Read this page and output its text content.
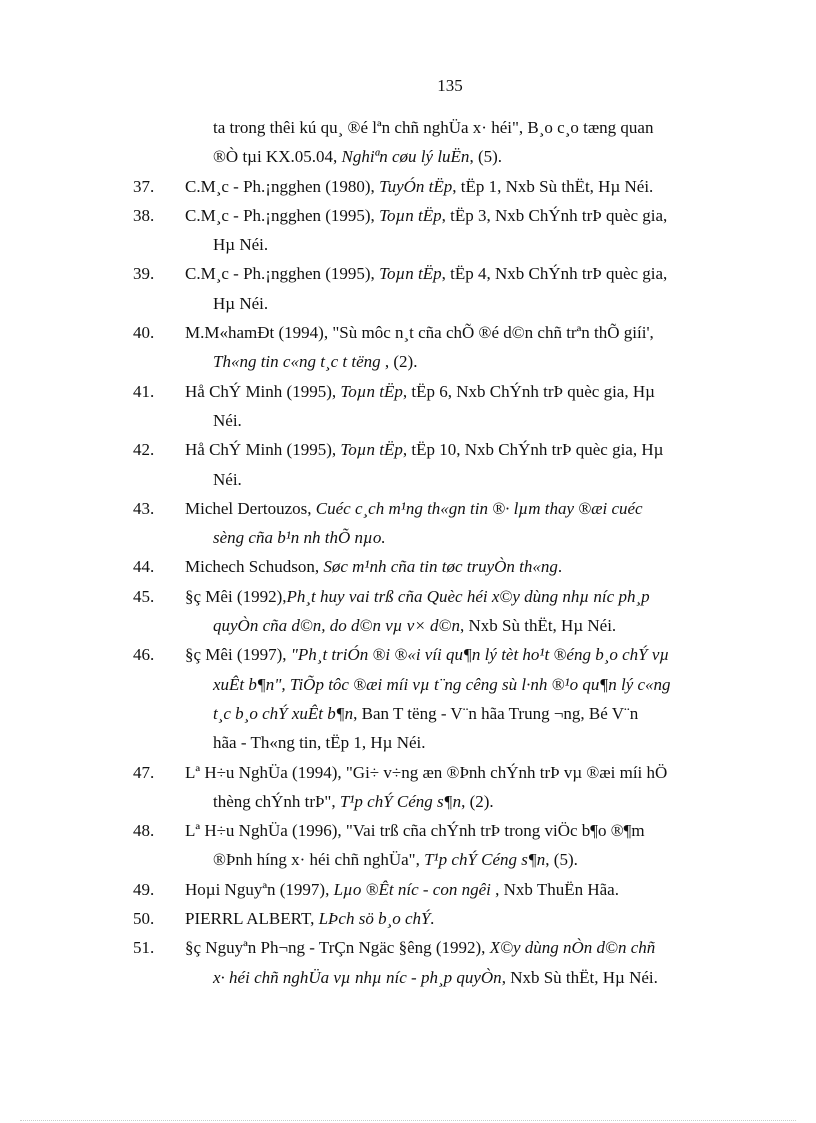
135
ta trong thêi kú qu¸ ®é lªn chñ nghÜa x· héi", B¸o c¸o tæng quan
®Ò tµi KX.05.04, Nghiªn cøu lý luËn, (5).
37.	C.M¸c - Ph.¡ngghen (1980), TuyÓn tËp, tËp 1, Nxb Sù thËt, Hµ Néi.
38.	C.M¸c - Ph.¡ngghen (1995), Toµn tËp, tËp 3, Nxb ChÝnh trÞ quèc gia,
Hµ Néi.
39.	C.M¸c - Ph.¡ngghen (1995), Toµn tËp, tËp 4, Nxb ChÝnh trÞ quèc gia,
Hµ Néi.
40.	M.M«hamÐt (1994), "Sù môc n¸t cña chÕ ®é d©n chñ trªn thÕ giíi',
Th«ng tin c«ng t¸c t tëng , (2).
41.	Hå ChÝ Minh (1995), Toµn tËp, tËp 6, Nxb ChÝnh trÞ quèc gia, Hµ
Néi.
42.	Hå ChÝ Minh (1995), Toµn tËp, tËp 10, Nxb ChÝnh trÞ quèc gia, Hµ
Néi.
43.	Michel Dertouzos, Cuéc c¸ch m¹ng th«gn tin ®· lµm thay ®æi cuéc
sèng cña b¹n nh thÕ nµo.
44.	Michech Schudson, Søc m¹nh cña tin tøc truyÒn th«ng.
45.	§ç Mêi (1992),Ph¸t huy vai trß cña Quèc héi x©y dùng nhµ níc ph¸p
quyÒn cña d©n, do d©n vµ v× d©n, Nxb Sù thËt, Hµ Néi.
46.	§ç Mêi (1997), "Ph¸t triÓn ®i ®«i víi qu¶n lý tèt ho¹t ®éng b¸o chÝ vµ
xuÊt b¶n", TiÕp tôc ®æi míi vµ t¨ng cêng sù l·nh ®¹o qu¶n lý c«ng
t¸c b¸o chÝ xuÊt b¶n, Ban T tëng - V¨n hãa Trung ¬ng, Bé V¨n
hãa - Th«ng tin, tËp 1, Hµ Néi.
47.	Lª H÷u NghÜa (1994), "Gi÷ v÷ng æn ®Þnh chÝnh trÞ vµ ®æi míi hÖ
thèng chÝnh trÞ", T¹p chÝ Céng s¶n, (2).
48.	Lª H÷u NghÜa (1996), "Vai trß cña chÝnh trÞ trong viÖc b¶o ®¶m
®Þnh híng x· héi chñ nghÜa", T¹p chÝ Céng s¶n, (5).
49.	Hoµi Nguyªn (1997), Lµo ®Êt níc - con ngêi , Nxb ThuËn Hãa.
50.	PIERRL ALBERT, LÞch sö b¸o chÝ.
51.	§ç Nguyªn Ph¬ng - TrÇn Ngäc §êng (1992), X©y dùng nÒn d©n chñ
x· héi chñ nghÜa vµ nhµ níc - ph¸p quyÒn, Nxb Sù thËt, Hµ Néi.
